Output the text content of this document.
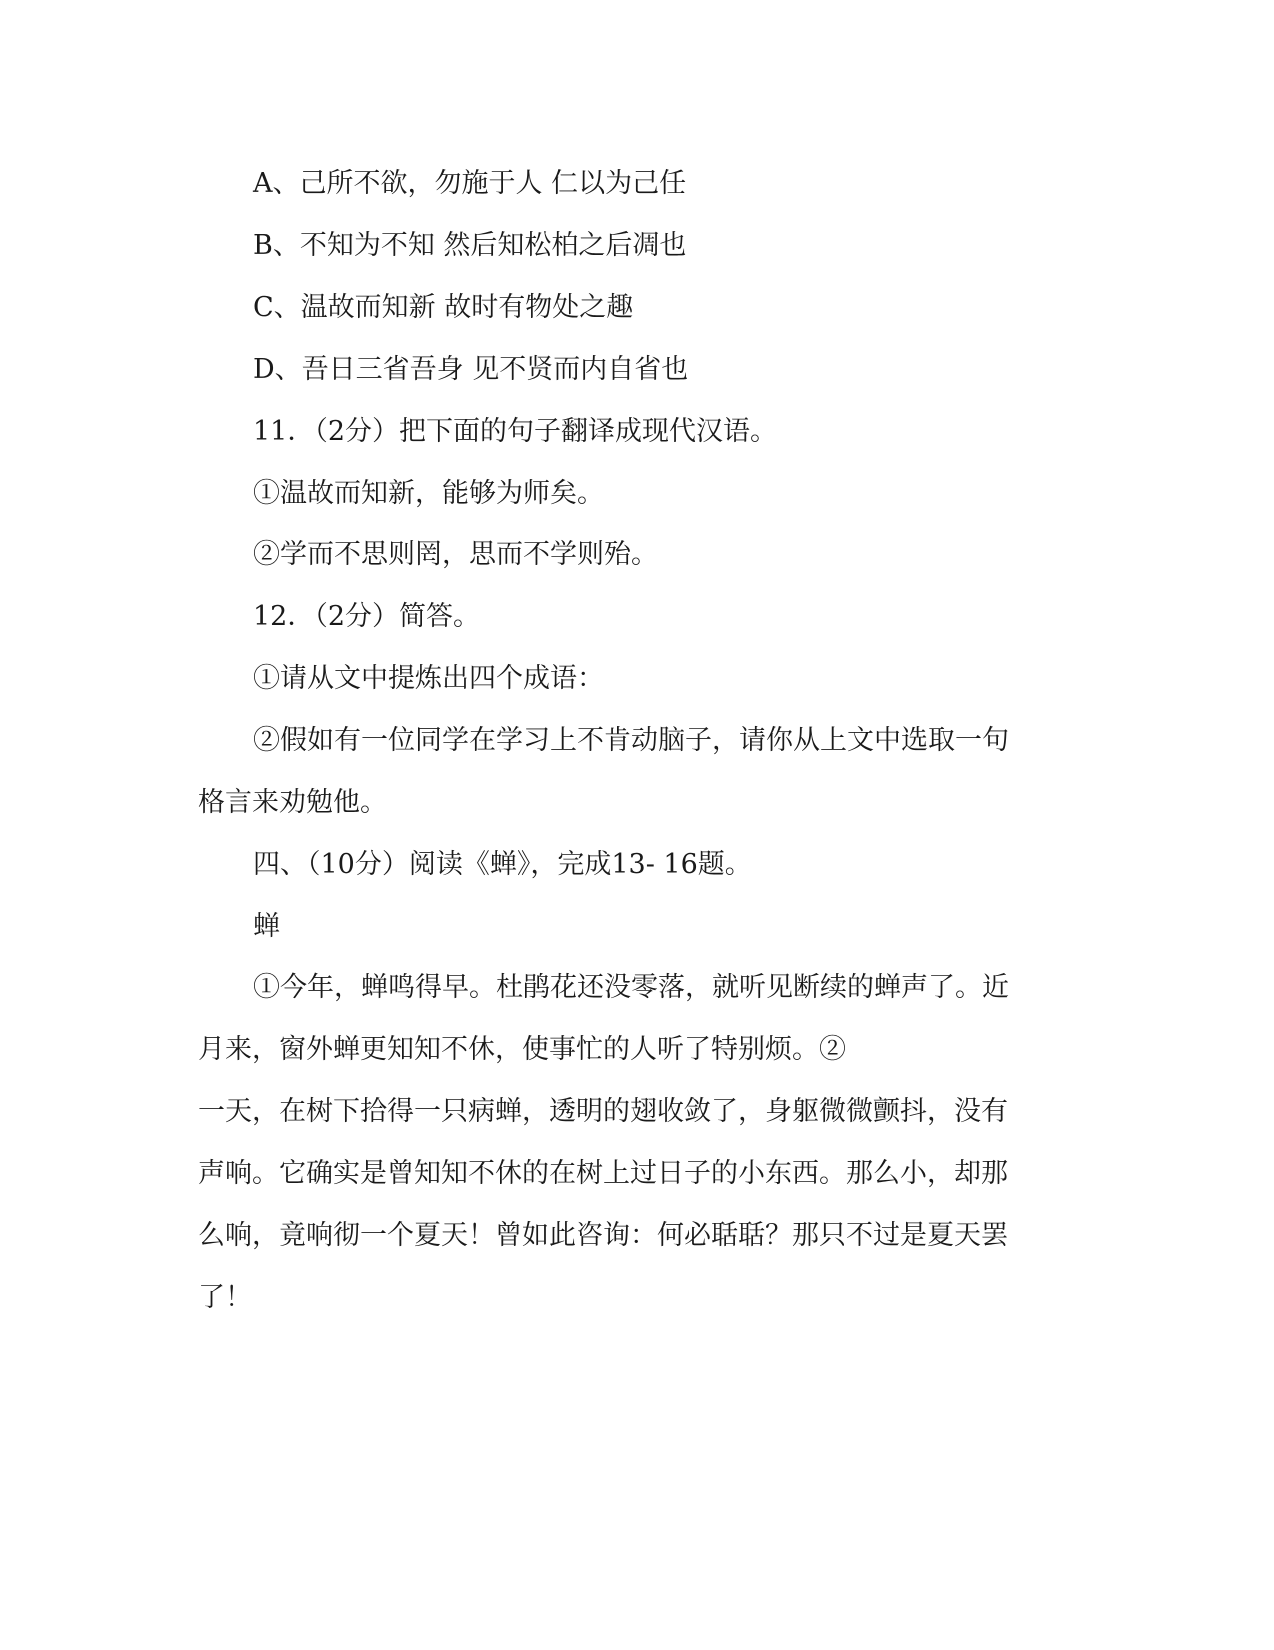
A、己所不欲，勿施于人 仁以为己任
B、不知为不知 然后知松柏之后凋也
C、温故而知新 故时有物处之趣
D、吾日三省吾身 见不贤而内自省也
11．（2分）把下面的句子翻译成现代汉语。
①温故而知新，能够为师矣。
②学而不思则罔，思而不学则殆。
12．（2分）简答。
①请从文中提炼出四个成语：
②假如有一位同学在学习上不肯动脑子，请你从上文中选取一句
格言来劝勉他。
四、（10分）阅读《蝉》，完成13- 16题。
蝉
①今年，蝉鸣得早。杜鹃花还没零落，就听见断续的蝉声了。近
月来，窗外蝉更知知不休，使事忙的人听了特别烦。②
一天，在树下拾得一只病蝉，透明的翅收敛了，身躯微微颤抖，没有
声响。它确实是曾知知不休的在树上过日子的小东西。那么小，却那
么响，竟响彻一个夏天！曾如此咨询：何必聒聒？那只不过是夏天罢
了！
